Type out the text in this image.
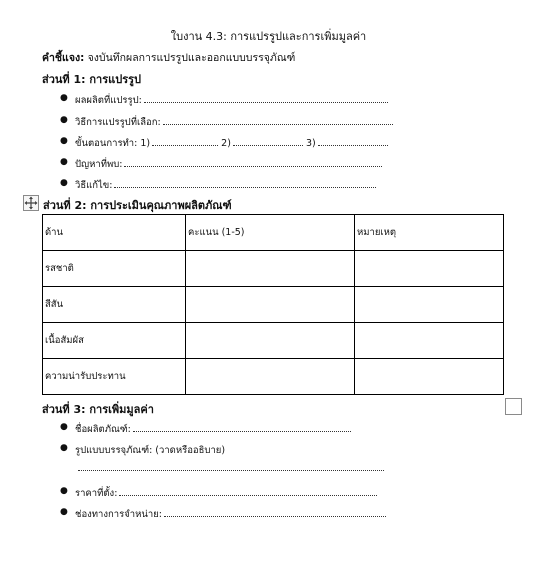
ใบงาน 4.3: การแปรรูปและการเพิ่มมูลค่า
คำชี้แจง: จงบันทึกผลการแปรรูปและออกแบบบรรจุภัณฑ์
ส่วนที่ 1: การแปรรูป
● ผลผลิตที่แปรรูป:
● วิธีการแปรรูปที่เลือก:
● ขั้นตอนการทำ: 1)	2)	3)
● ปัญหาที่พบ:
● วิธีแก้ไข:
ส่วนที่ 2: การประเมินคุณภาพผลิตภัณฑ์
ด้าน	คะแนน (1-5)	หมายเหตุ
รสชาติ		
สีสัน		
เนื้อสัมผัส		
ความน่ารับประทาน		
ส่วนที่ 3: การเพิ่มมูลค่า
● ชื่อผลิตภัณฑ์:
● รูปแบบบรรจุภัณฑ์: (วาดหรืออธิบาย)
● ราคาที่ตั้ง:
● ช่องทางการจำหน่าย:
